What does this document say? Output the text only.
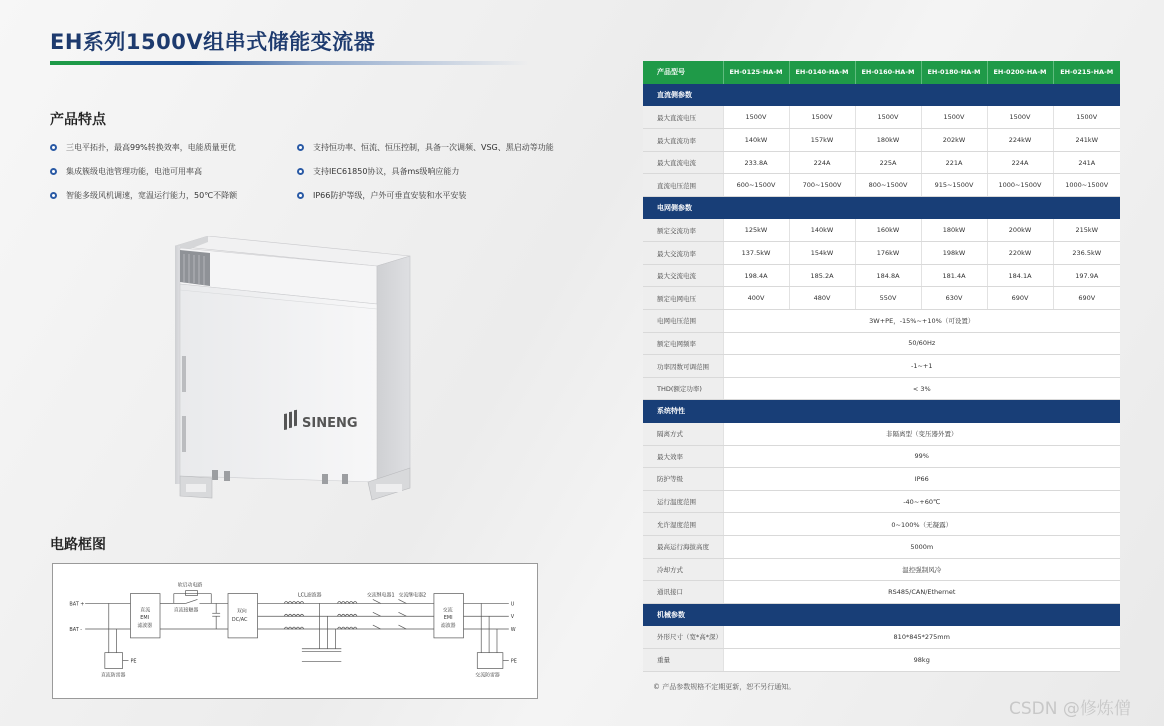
EH系列1500V组串式储能变流器
产品特点
三电平拓扑，最高99%转换效率，电能质量更优
集成簇级电池管理功能，电池可用率高
智能多级风机调速，宽温运行能力，50℃不降额
支持恒功率、恒流、恒压控制，具备一次调频、VSG、黑启动等功能
支持IEC61850协议，具备ms级响应能力
IP66防护等级，户外可垂直安装和水平安装
SINENG
电路框图
BAT +
BAT -
直流
EMI
滤波器
软启动电路
直流接触器	双向
DC/AC
LCL滤波器	交流继电器1 交流继电器2
交流
EMI
滤波器
PE	PE
直流防雷器	交流防雷器
U
V
W
产品型号	EH-0125-HA-M	EH-0140-HA-M	EH-0160-HA-M	EH-0180-HA-M	EH-0200-HA-M	EH-0215-HA-M
直流侧参数						
最大直流电压	1500V	1500V	1500V	1500V	1500V	1500V
最大直流功率	140kW	157kW	180kW	202kW	224kW	241kW
最大直流电流	233.8A	224A	225A	221A	224A	241A
直流电压范围	600~1500V	700~1500V	800~1500V	915~1500V	1000~1500V	1000~1500V
电网侧参数						
额定交流功率	125kW	140kW	160kW	180kW	200kW	215kW
最大交流功率	137.5kW	154kW	176kW	198kW	220kW	236.5kW
最大交流电流	198.4A	185.2A	184.8A	181.4A	184.1A	197.9A
额定电网电压	400V	480V	550V	630V	690V	690V
电网电压范围	3W+PE，-15%~+10%（可设置）					
额定电网频率	50/60Hz					
功率因数可调范围	-1~+1					
THD(额定功率)	< 3%					
系统特性						
隔离方式	非隔离型（变压器外置）					
最大效率	99%					
防护等级	IP66					
运行温度范围	-40~+60℃					
允许湿度范围	0~100%（无凝露）					
最高运行海拔高度	5000m					
冷却方式	温控强制风冷					
通讯接口	RS485/CAN/Ethernet					
机械参数						
外形尺寸（宽*高*深）	810*845*275mm					
重量	98kg					
© 产品参数规格不定期更新，恕不另行通知。
CSDN @修炼僧
